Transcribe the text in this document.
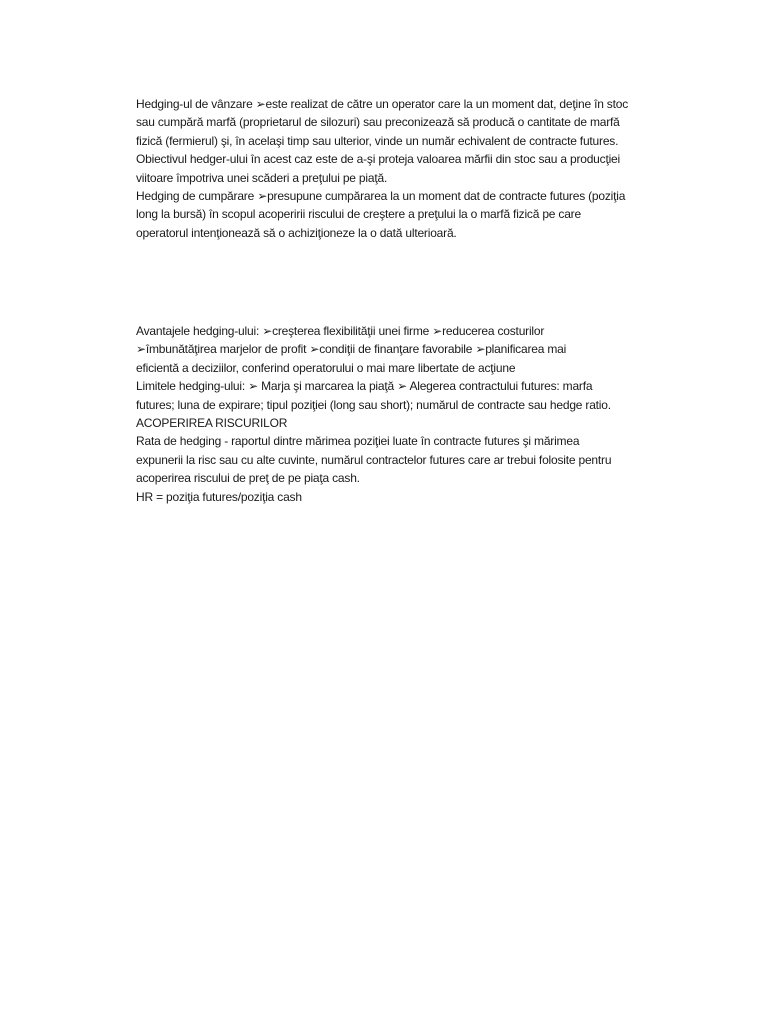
Hedging-ul de vânzare ➢este realizat de către un operator care la un moment dat, deţine în stoc

sau cumpără marfă (proprietarul de silozuri) sau preconizează să producă o cantitate de marfă

fizică (fermierul) şi, în acelaşi timp sau ulterior, vinde un număr echivalent de contracte futures.

Obiectivul hedger-ului în acest caz este de a-şi proteja valoarea mărfii din stoc sau a producţiei

viitoare împotriva unei scăderi a preţului pe piaţă.

Hedging de cumpărare ➢presupune cumpărarea la un moment dat de contracte futures (poziţia

long la bursă) în scopul acoperirii riscului de creştere a preţului la o marfă fizică pe care

operatorul intenţionează să o achiziţioneze la o dată ulterioară.

Avantajele hedging-ului: ➢creşterea flexibilităţii unei firme ➢reducerea costurilor

➢îmbunătăţirea marjelor de profit ➢condiţii de finanţare favorabile ➢planificarea mai

eficientă a deciziilor, conferind operatorului o mai mare libertate de acţiune

Limitele hedging-ului: ➢ Marja şi marcarea la piaţă ➢ Alegerea contractului futures: marfa

futures; luna de expirare; tipul poziţiei (long sau short); numărul de contracte sau hedge ratio.

ACOPERIREA RISCURILOR

Rata de hedging - raportul dintre mărimea poziţiei luate în contracte futures şi mărimea

expunerii la risc sau cu alte cuvinte, numărul contractelor futures care ar trebui folosite pentru

acoperirea riscului de preţ de pe piaţa cash.

HR = poziţia futures/poziţia cash
